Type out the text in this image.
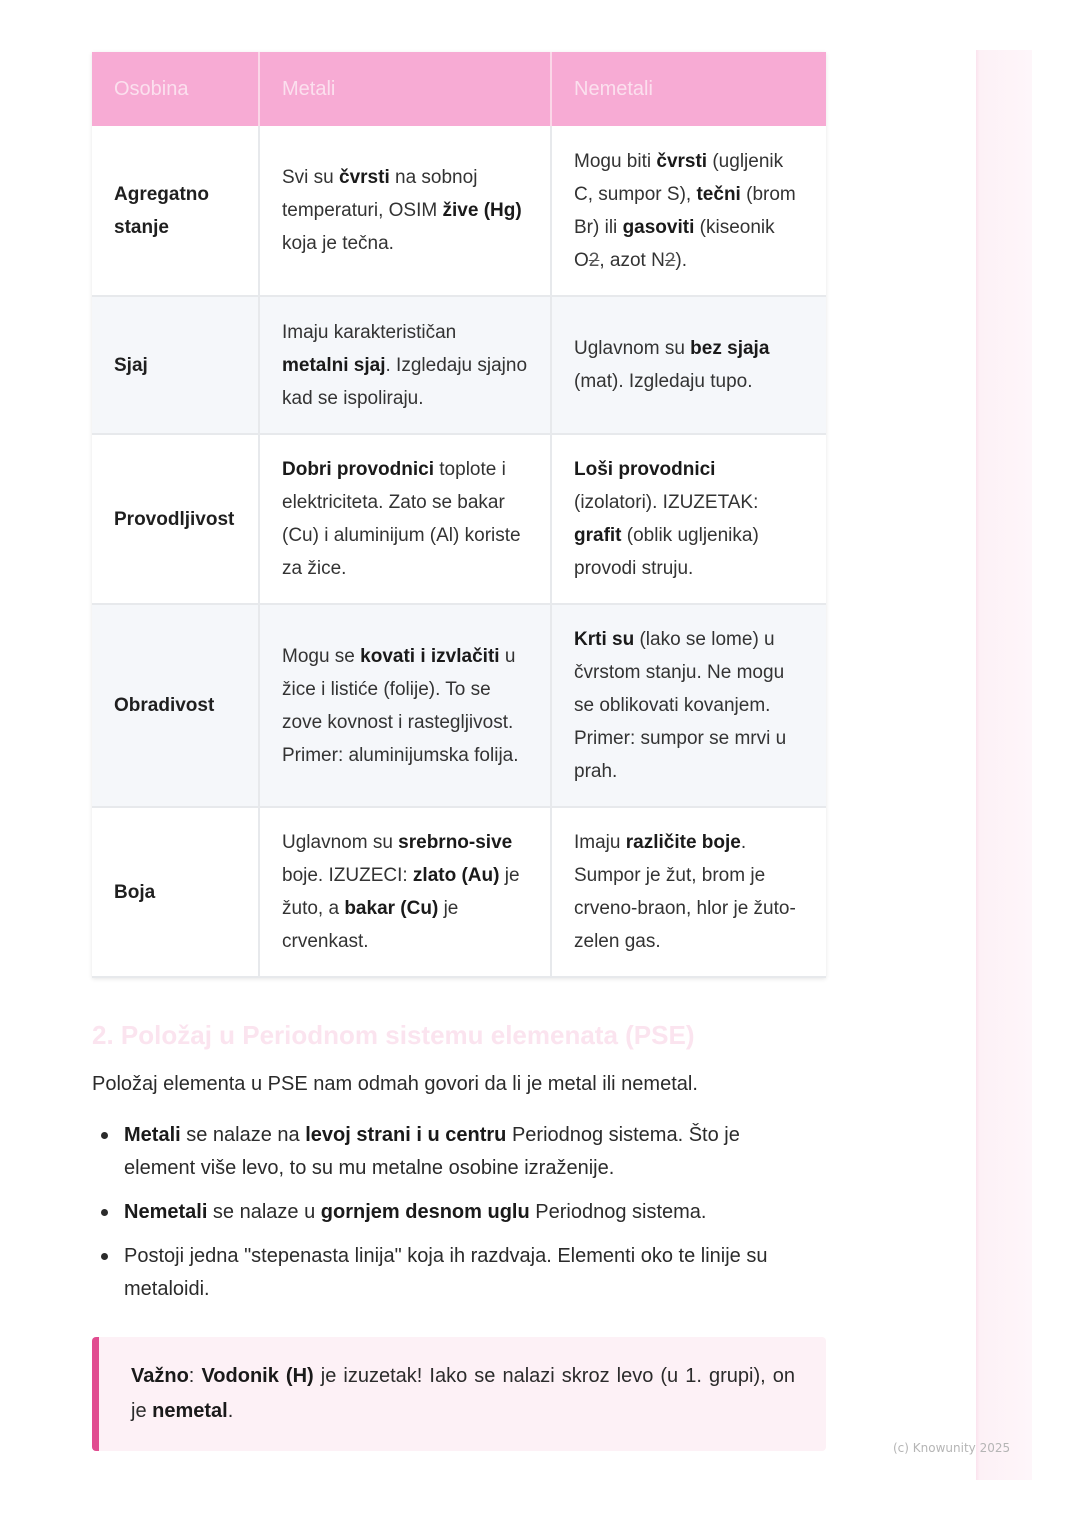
Osobina	Metali	Nemetali
Agregatno stanje	Svi su čvrsti na sobnoj temperaturi, OSIM žive (Hg) koja je tečna.	Mogu biti čvrsti (ugljenik C, sumpor S), tečni (brom Br) ili gasoviti (kiseonik O2, azot N2).
Sjaj	Imaju karakterističan metalni sjaj. Izgledaju sjajno kad se ispoliraju.	Uglavnom su bez sjaja (mat). Izgledaju tupo.
Provodljivost	Dobri provodnici toplote i elektriciteta. Zato se bakar (Cu) i aluminijum (Al) koriste za žice.	Loši provodnici (izolatori). IZUZETAK: grafit (oblik ugljenika) provodi struju.
Obradivost	Mogu se kovati i izvlačiti u žice i listiće (folije). To se zove kovnost i rastegljivost. Primer: aluminijumska folija.	Krti su (lako se lome) u čvrstom stanju. Ne mogu se oblikovati kovanjem. Primer: sumpor se mrvi u prah.
Boja	Uglavnom su srebrno-sive boje. IZUZECI: zlato (Au) je žuto, a bakar (Cu) je crvenkast.	Imaju različite boje. Sumpor je žut, brom je crveno-braon, hlor je žuto-zelen gas.
2. Položaj u Periodnom sistemu elemenata (PSE)

Položaj elementa u PSE nam odmah govori da li je metal ili nemetal.

Metali se nalaze na levoj strani i u centru Periodnog sistema. Što je element više levo, to su mu metalne osobine izraženije.
Nemetali se nalaze u gornjem desnom uglu Periodnog sistema.
Postoji jedna "stepenasta linija" koja ih razdvaja. Elementi oko te linije su metaloidi.
Važno: Vodonik (H) je izuzetak! Iako se nalazi skroz levo (u 1. grupi), on je nemetal.
(c) Knowunity 2025
